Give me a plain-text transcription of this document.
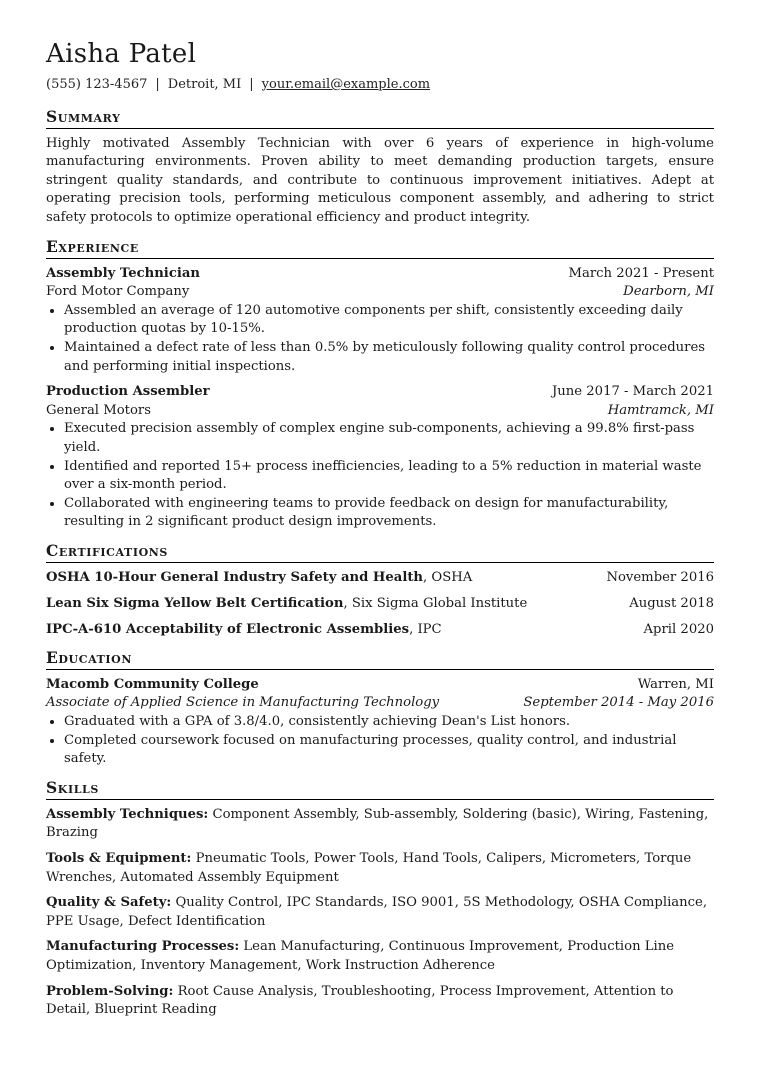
Aisha Patel
(555) 123-4567 | Detroit, MI | your.email@example.com
Summary

Highly motivated Assembly Technician with over 6 years of experience in high-volume manufacturing environments. Proven ability to meet demanding production targets, ensure stringent quality standards, and contribute to continuous improvement initiatives. Adept at operating precision tools, performing meticulous component assembly, and adhering to strict safety protocols to optimize operational efficiency and product integrity.

Experience
Assembly Technician	March 2021 - Present
Ford Motor Company	Dearborn, MI
• Assembled an average of 120 automotive components per shift, consistently exceeding daily production quotas by 10-15%.
• Maintained a defect rate of less than 0.5% by meticulously following quality control procedures and performing initial inspections.
Production Assembler	June 2017 - March 2021
General Motors	Hamtramck, MI
• Executed precision assembly of complex engine sub-components, achieving a 99.8% first-pass yield.
• Identified and reported 15+ process inefficiencies, leading to a 5% reduction in material waste over a six-month period.
• Collaborated with engineering teams to provide feedback on design for manufacturability, resulting in 2 significant product design improvements.
Certifications
OSHA 10-Hour General Industry Safety and Health, OSHA	November 2016
Lean Six Sigma Yellow Belt Certification, Six Sigma Global Institute	August 2018
IPC-A-610 Acceptability of Electronic Assemblies, IPC	April 2020
Education
Macomb Community College	Warren, MI
Associate of Applied Science in Manufacturing Technology	September 2014 - May 2016
• Graduated with a GPA of 3.8/4.0, consistently achieving Dean's List honors.
• Completed coursework focused on manufacturing processes, quality control, and industrial safety.
Skills
Assembly Techniques: Component Assembly, Sub-assembly, Soldering (basic), Wiring, Fastening, Brazing
Tools & Equipment: Pneumatic Tools, Power Tools, Hand Tools, Calipers, Micrometers, Torque Wrenches, Automated Assembly Equipment
Quality & Safety: Quality Control, IPC Standards, ISO 9001, 5S Methodology, OSHA Compliance, PPE Usage, Defect Identification
Manufacturing Processes: Lean Manufacturing, Continuous Improvement, Production Line Optimization, Inventory Management, Work Instruction Adherence
Problem-Solving: Root Cause Analysis, Troubleshooting, Process Improvement, Attention to Detail, Blueprint Reading
